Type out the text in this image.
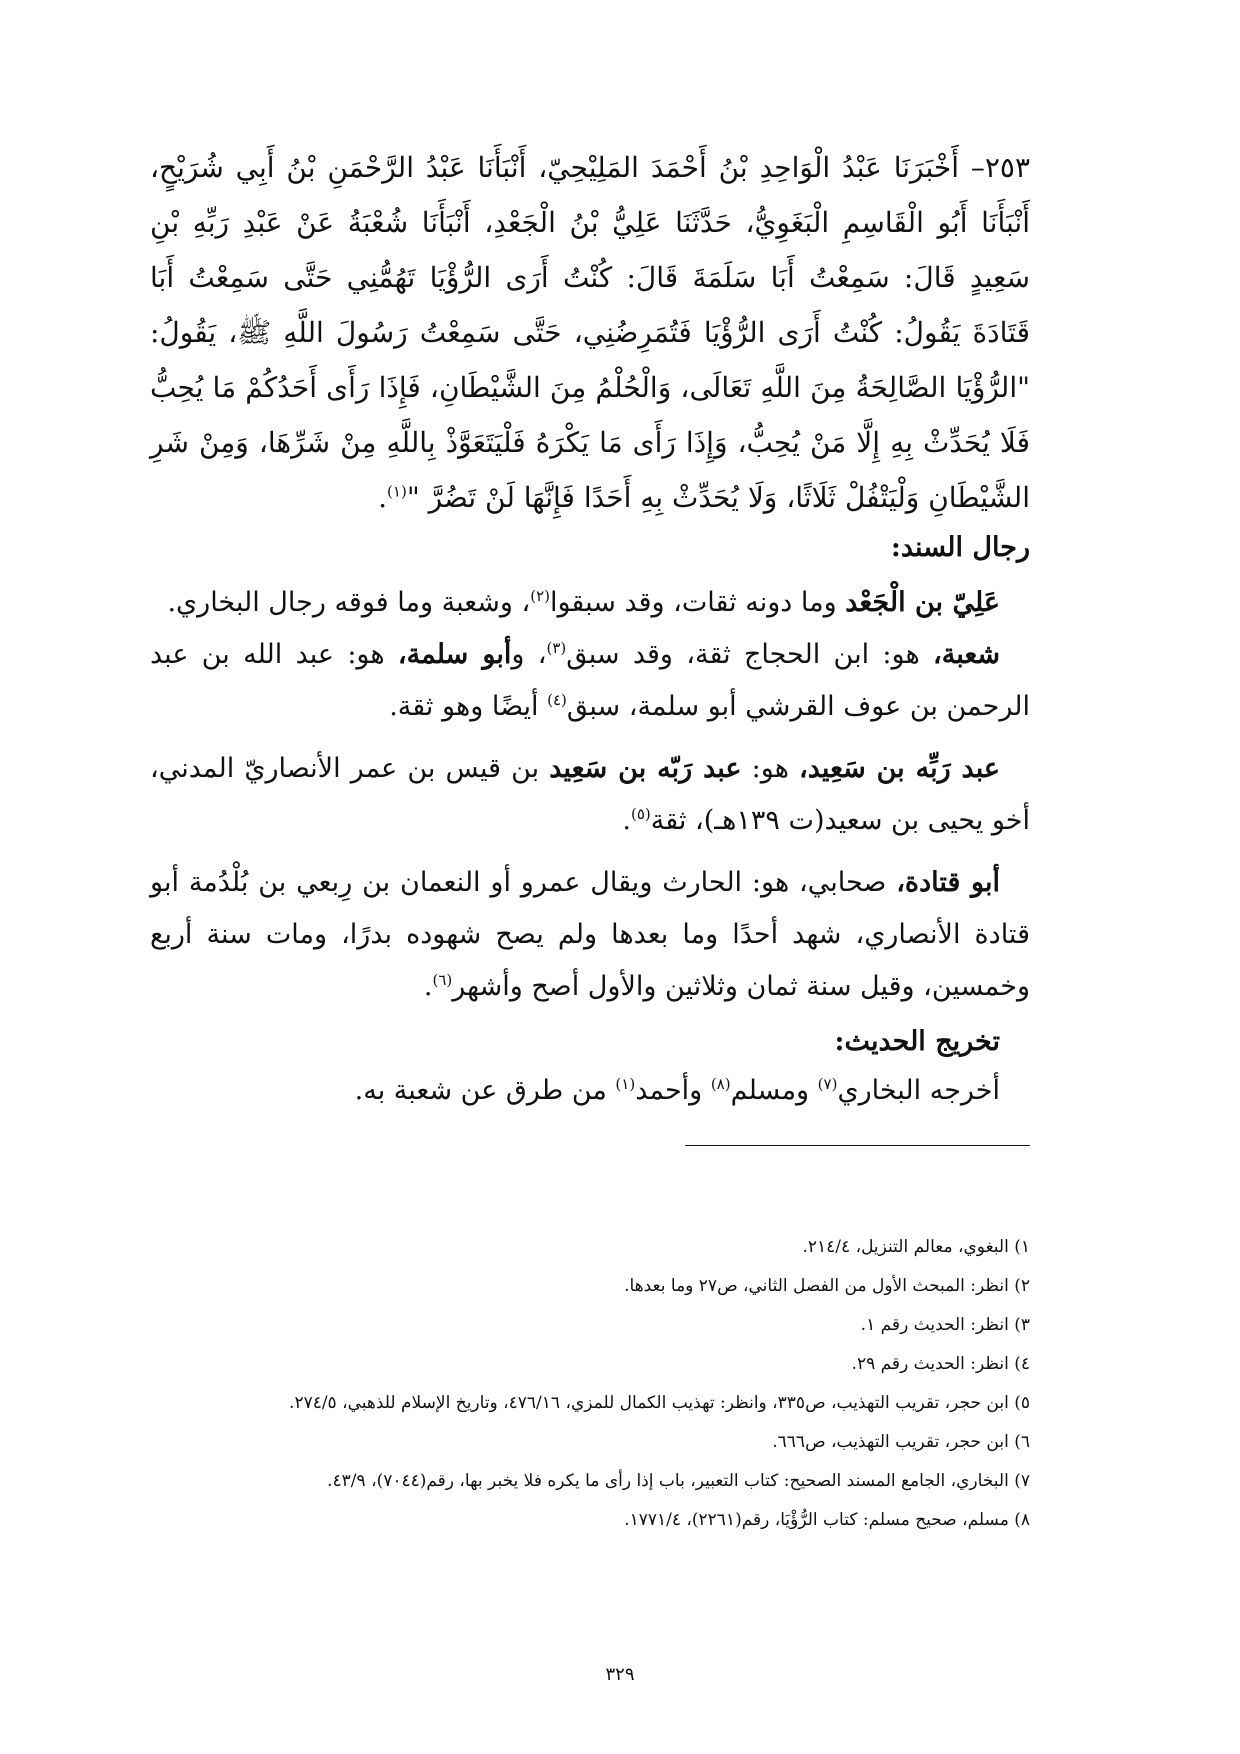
٢٥٣– أَخْبَرَنَا عَبْدُ الْوَاحِدِ بْنُ أَحْمَدَ المَلِيْحِيّ، أَنْبَأَنَا عَبْدُ الرَّحْمَنِ بْنُ أَبِي شُرَيْحٍ، أَنْبَأَنَا أَبُو الْقَاسِمِ الْبَغَوِيُّ، حَدَّثَنَا عَلِيُّ بْنُ الْجَعْدِ، أَنْبَأَنَا شُعْبَةُ عَنْ عَبْدِ رَبِّهِ بْنِ سَعِيدٍ قَالَ: سَمِعْتُ أَبَا سَلَمَةَ قَالَ: كُنْتُ أَرَى الرُّؤْيَا تَهُمُّنِي حَتَّى سَمِعْتُ أَبَا قَتَادَةَ يَقُولُ: كُنْتُ أَرَى الرُّؤْيَا فَتُمَرِضُنِي، حَتَّى سَمِعْتُ رَسُولَ اللَّهِ ﷺ، يَقُولُ: "الرُّؤْيَا الصَّالِحَةُ مِنَ اللَّهِ تَعَالَى، وَالْحُلْمُ مِنَ الشَّيْطَانِ، فَإِذَا رَأَى أَحَدُكُمْ مَا يُحِبُّ فَلَا يُحَدِّثْ بِهِ إِلَّا مَنْ يُحِبُّ، وَإِذَا رَأَى مَا يَكْرَهُ فَلْيَتَعَوَّذْ بِاللَّهِ مِنْ شَرِّهَا، وَمِنْ شَرِ الشَّيْطَانِ وَلْيَتْفُلْ ثَلَاثًا، وَلَا يُحَدِّثْ بِهِ أَحَدًا فَإِنَّهَا لَنْ تَضُرَّ "$^{(١)}$.

رجال السند:

عَلِيّ بن الْجَعْد وما دونه ثقات، وقد سبقوا$^{(٢)}$، وشعبة وما فوقه رجال البخاري.

شعبة، هو: ابن الحجاج ثقة، وقد سبق$^{(٣)}$، وأبو سلمة، هو: عبد الله بن عبد الرحمن بن عوف القرشي أبو سلمة، سبق$^{(٤)}$ أيضًا وهو ثقة.

عبد رَبِّه بن سَعِيد، هو: عبد رَبّه بن سَعِيد بن قيس بن عمر الأنصاريّ المدني، أخو يحيى بن سعيد(ت ١٣٩هـ)، ثقة$^{(٥)}$.

أبو قتادة، صحابي، هو: الحارث ويقال عمرو أو النعمان بن رِبعي بن بُلْدُمة أبو قتادة الأنصاري، شهد أحدًا وما بعدها ولم يصح شهوده بدرًا، ومات سنة أربع وخمسين، وقيل سنة ثمان وثلاثين والأول أصح وأشهر$^{(٦)}$.

تخريج الحديث:

أخرجه البخاري$^{(٧)}$ ومسلم$^{(٨)}$ وأحمد$^{(١)}$ من طرق عن شعبة به.

١) البغوي، معالم التنزيل، ٢١٤/٤.

٢) انظر: المبحث الأول من الفصل الثاني، ص٢٧ وما بعدها.

٣) انظر: الحديث رقم ١.

٤) انظر: الحديث رقم ٢٩.

٥) ابن حجر، تقريب التهذيب، ص٣٣٥، وانظر: تهذيب الكمال للمزي، ٤٧٦/١٦، وتاريخ الإسلام للذهبي، ٢٧٤/٥.

٦) ابن حجر، تقريب التهذيب، ص٦٦٦.

٧) البخاري، الجامع المسند الصحيح: كتاب التعبير، باب إذا رأى ما يكره فلا يخبر بها، رقم(٧٠٤٤)، ٤٣/٩.

٨) مسلم، صحيح مسلم: كتاب الرُّؤْيَا، رقم(٢٢٦١)، ١٧٧١/٤.

٣٢٩
